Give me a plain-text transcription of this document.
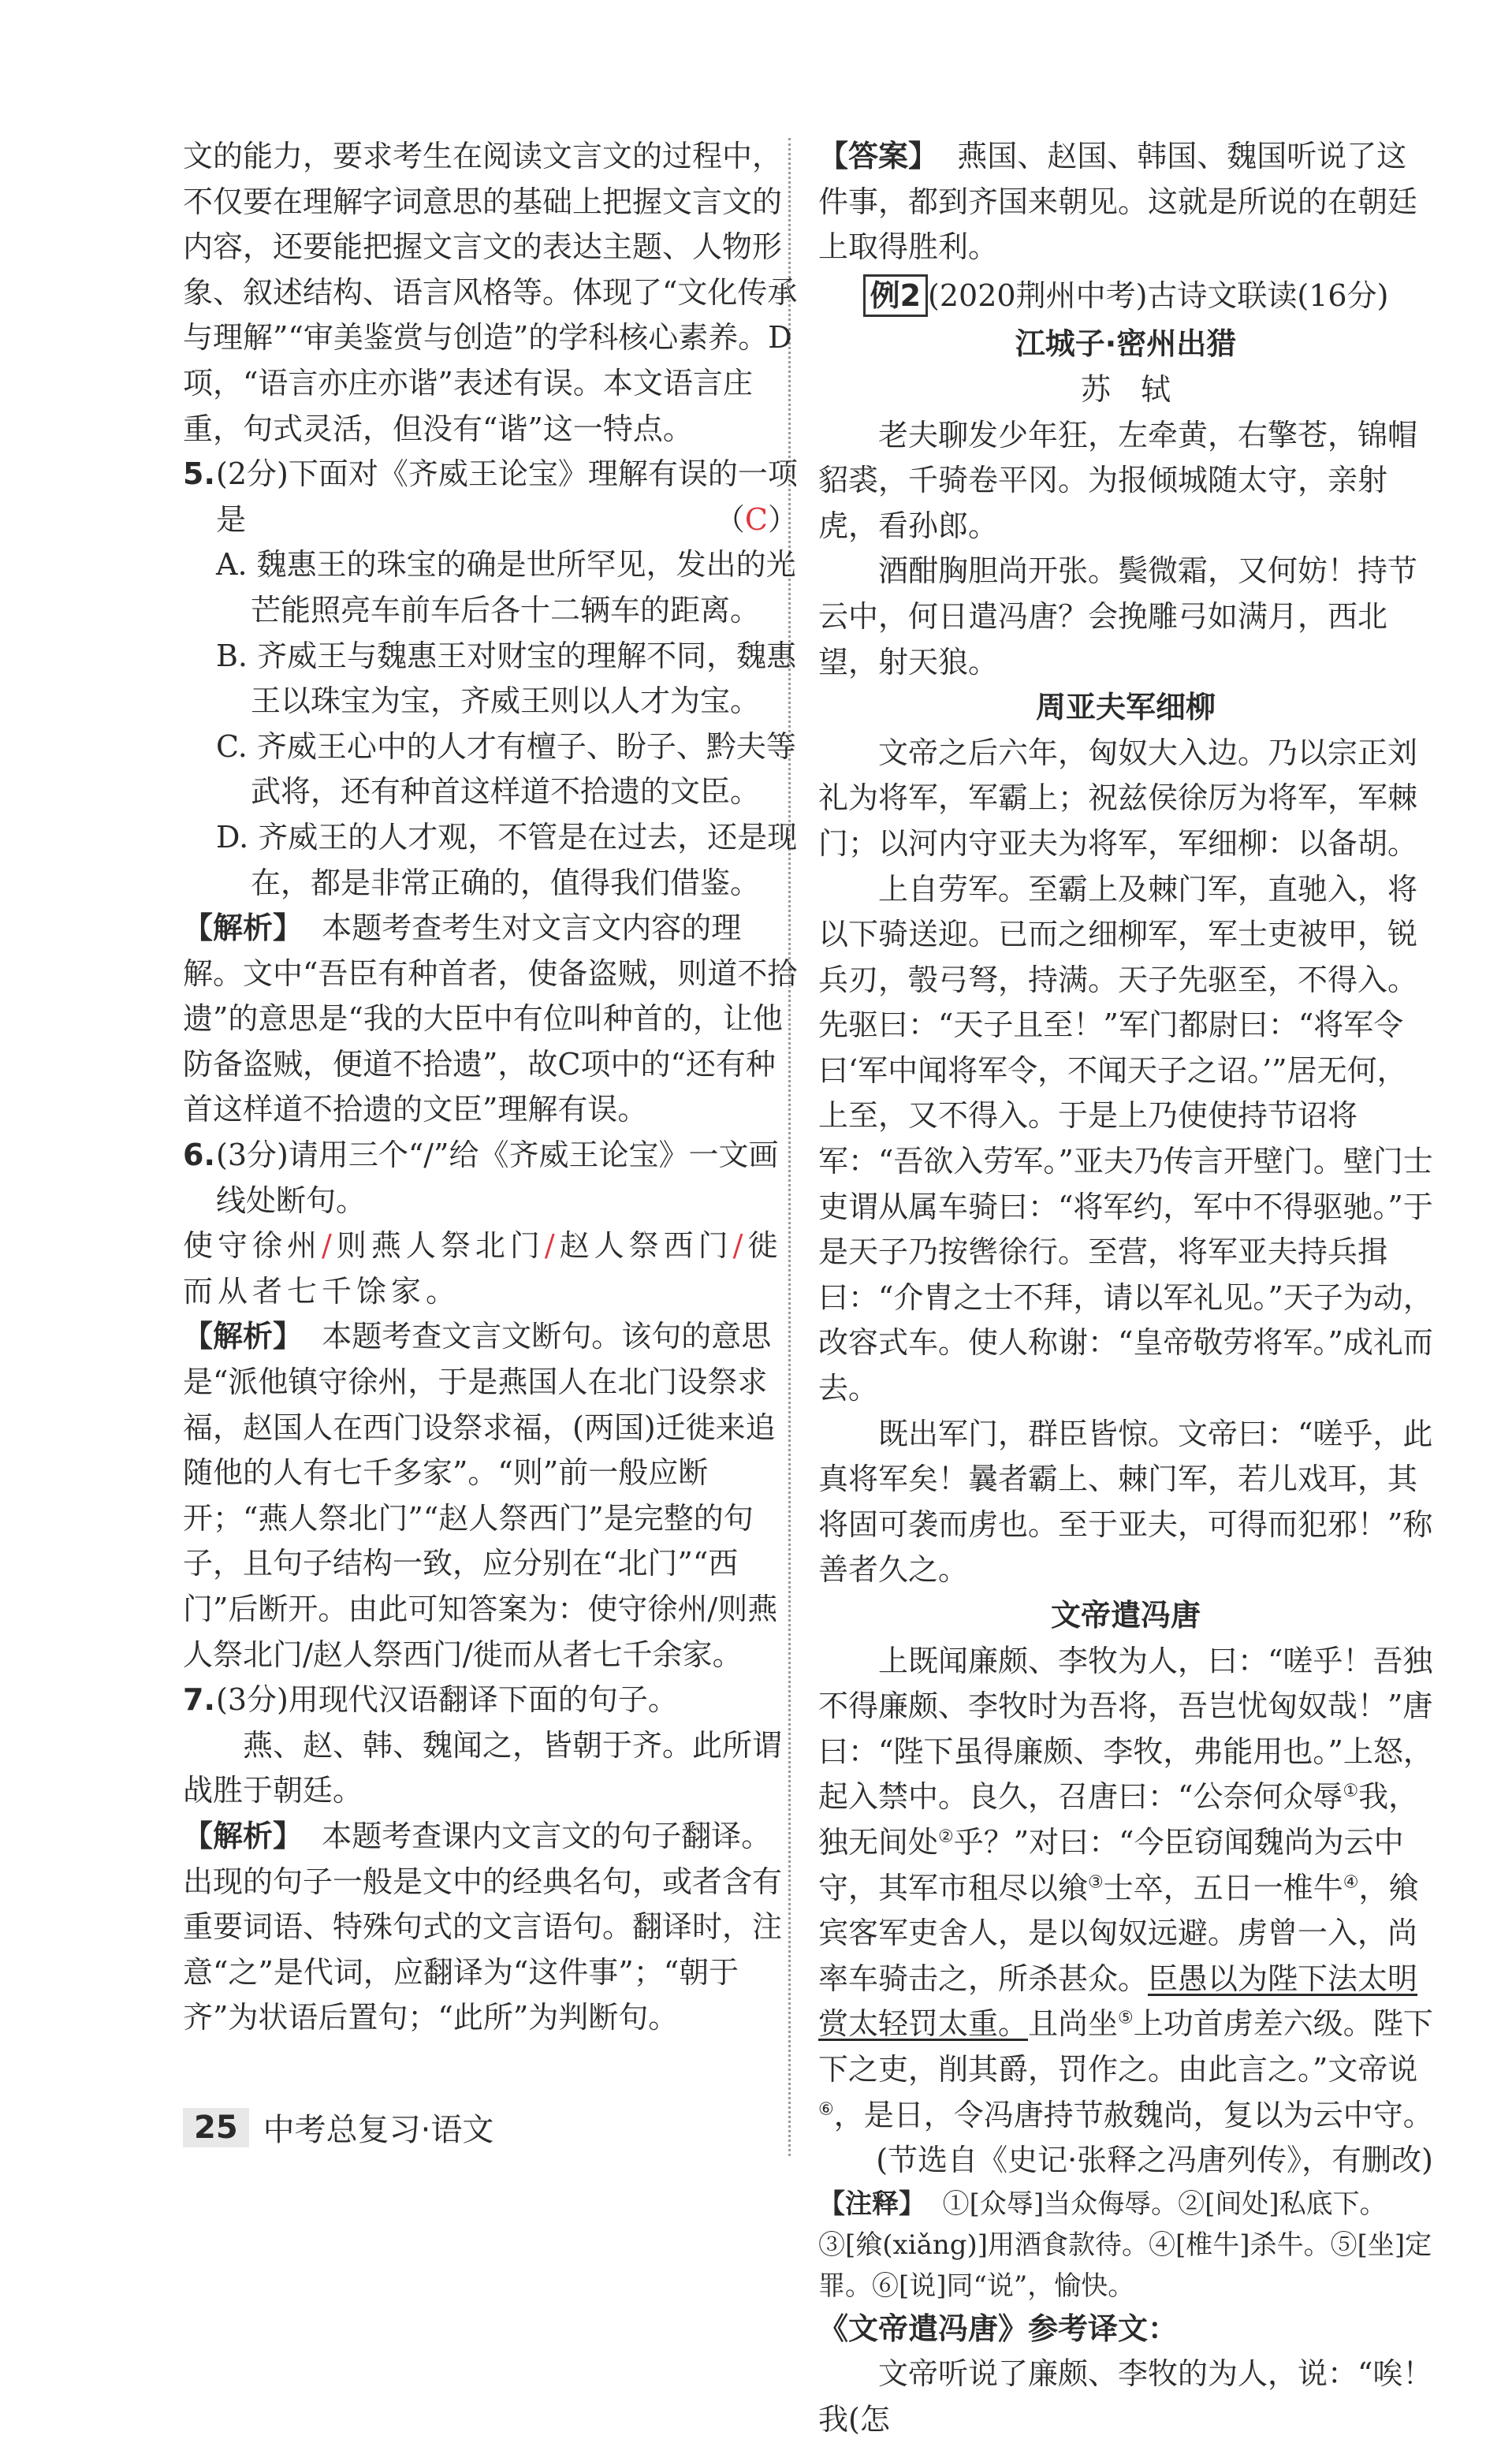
文的能力，要求考生在阅读文言文的过程中，不仅要在理解字词意思的基础上把握文言文的内容，还要能把握文言文的表达主题、人物形象、叙述结构、语言风格等。体现了“文化传承与理解”“审美鉴赏与创造”的学科核心素养。D项，“语言亦庄亦谐”表述有误。本文语言庄重，句式灵活，但没有“谐”这一特点。

5. (2分)下面对《齐威王论宝》理解有误的一项是	（C）

A. 魏惠王的珠宝的确是世所罕见，发出的光芒能照亮车前车后各十二辆车的距离。

B. 齐威王与魏惠王对财宝的理解不同，魏惠王以珠宝为宝，齐威王则以人才为宝。

C. 齐威王心中的人才有檀子、盼子、黔夫等武将，还有种首这样道不拾遗的文臣。

D. 齐威王的人才观，不管是在过去，还是现在，都是非常正确的，值得我们借鉴。

【解析】 本题考查考生对文言文内容的理解。文中“吾臣有种首者，使备盗贼，则道不拾遗”的意思是“我的大臣中有位叫种首的，让他防备盗贼，便道不拾遗”，故C项中的“还有种首这样道不拾遗的文臣”理解有误。

6. (3分)请用三个“/”给《齐威王论宝》一文画线处断句。

使守徐州/则燕人祭北门/赵人祭西门/徙而从者七千馀家。

【解析】 本题考查文言文断句。该句的意思是“派他镇守徐州，于是燕国人在北门设祭求福，赵国人在西门设祭求福，(两国)迁徙来追随他的人有七千多家”。“则”前一般应断开；“燕人祭北门”“赵人祭西门”是完整的句子，且句子结构一致，应分别在“北门”“西门”后断开。由此可知答案为：使守徐州/则燕人祭北门/赵人祭西门/徙而从者七千余家。

7. (3分)用现代汉语翻译下面的句子。

燕、赵、韩、魏闻之，皆朝于齐。此所谓战胜于朝廷。

【解析】 本题考查课内文言文的句子翻译。出现的句子一般是文中的经典名句，或者含有重要词语、特殊句式的文言语句。翻译时，注意“之”是代词，应翻译为“这件事”；“朝于齐”为状语后置句；“此所”为判断句。

【答案】 燕国、赵国、韩国、魏国听说了这件事，都到齐国来朝见。这就是所说的在朝廷上取得胜利。

例2 (2020荆州中考)古诗文联读(16分)

江城子·密州出猎

苏　轼

老夫聊发少年狂，左牵黄，右擎苍，锦帽貂裘，千骑卷平冈。为报倾城随太守，亲射虎，看孙郎。

酒酣胸胆尚开张。鬓微霜，又何妨！持节云中，何日遣冯唐？会挽雕弓如满月，西北望，射天狼。

周亚夫军细柳

文帝之后六年，匈奴大入边。乃以宗正刘礼为将军，军霸上；祝兹侯徐厉为将军，军棘门；以河内守亚夫为将军，军细柳：以备胡。

上自劳军。至霸上及棘门军，直驰入，将以下骑送迎。已而之细柳军，军士吏被甲，锐兵刃，彀弓弩，持满。天子先驱至，不得入。先驱曰：“天子且至！”军门都尉曰：“将军令曰‘军中闻将军令，不闻天子之诏。’”居无何，上至，又不得入。于是上乃使使持节诏将军：“吾欲入劳军。”亚夫乃传言开壁门。壁门士吏谓从属车骑曰：“将军约，军中不得驱驰。”于是天子乃按辔徐行。至营，将军亚夫持兵揖曰：“介胄之士不拜，请以军礼见。”天子为动，改容式车。使人称谢：“皇帝敬劳将军。”成礼而去。

既出军门，群臣皆惊。文帝曰：“嗟乎，此真将军矣！曩者霸上、棘门军，若儿戏耳，其将固可袭而虏也。至于亚夫，可得而犯邪！”称善者久之。

文帝遣冯唐

上既闻廉颇、李牧为人，曰：“嗟乎！吾独不得廉颇、李牧时为吾将，吾岂忧匈奴哉！”唐曰：“陛下虽得廉颇、李牧，弗能用也。”上怒，起入禁中。良久，召唐曰：“公奈何众辱①我，独无间处②乎？”对曰：“今臣窃闻魏尚为云中守，其军市租尽以飨③士卒，五日一椎牛④，飨宾客军吏舍人，是以匈奴远避。虏曾一入，尚率车骑击之，所杀甚众。臣愚以为陛下法太明赏太轻罚太重。且尚坐⑤上功首虏差六级。陛下下之吏，削其爵，罚作之。由此言之。”文帝说⑥，是日，令冯唐持节赦魏尚，复以为云中守。

(节选自《史记·张释之冯唐列传》，有删改)

【注释】 ①[众辱]当众侮辱。②[间处]私底下。③[飨(xiǎng)]用酒食款待。④[椎牛]杀牛。⑤[坐]定罪。⑥[说]同“说”，愉快。

《文帝遣冯唐》参考译文：

文帝听说了廉颇、李牧的为人，说：“唉！我(怎

25 中考总复习·语文
